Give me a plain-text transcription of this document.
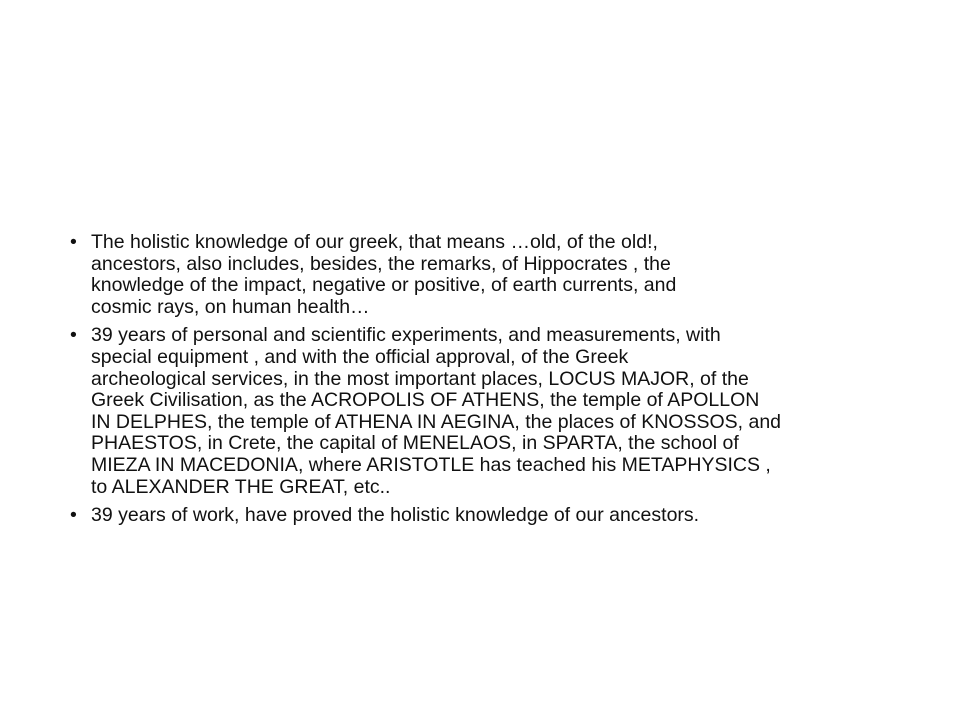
• The holistic knowledge of our greek, that means …old, of the old!,
ancestors, also includes, besides, the remarks, of Hippocrates , the
knowledge of the impact, negative or positive, of earth currents, and
cosmic rays, on human health…
• 39 years of personal and scientific experiments, and measurements, with
special equipment , and with the official approval, of the Greek
archeological services, in the most important places, LOCUS MAJOR, of the
Greek Civilisation, as the ACROPOLIS OF ATHENS, the temple of APOLLON
IN DELPHES, the temple of ATHENA IN AEGINA, the places of KNOSSOS, and
PHAESTOS, in Crete, the capital of MENELAOS, in SPARTA, the school of
MIEZA IN MACEDONIA, where ARISTOTLE has teached his METAPHYSICS ,
to ALEXANDER THE GREAT, etc..
• 39 years of work, have proved the holistic knowledge of our ancestors.
